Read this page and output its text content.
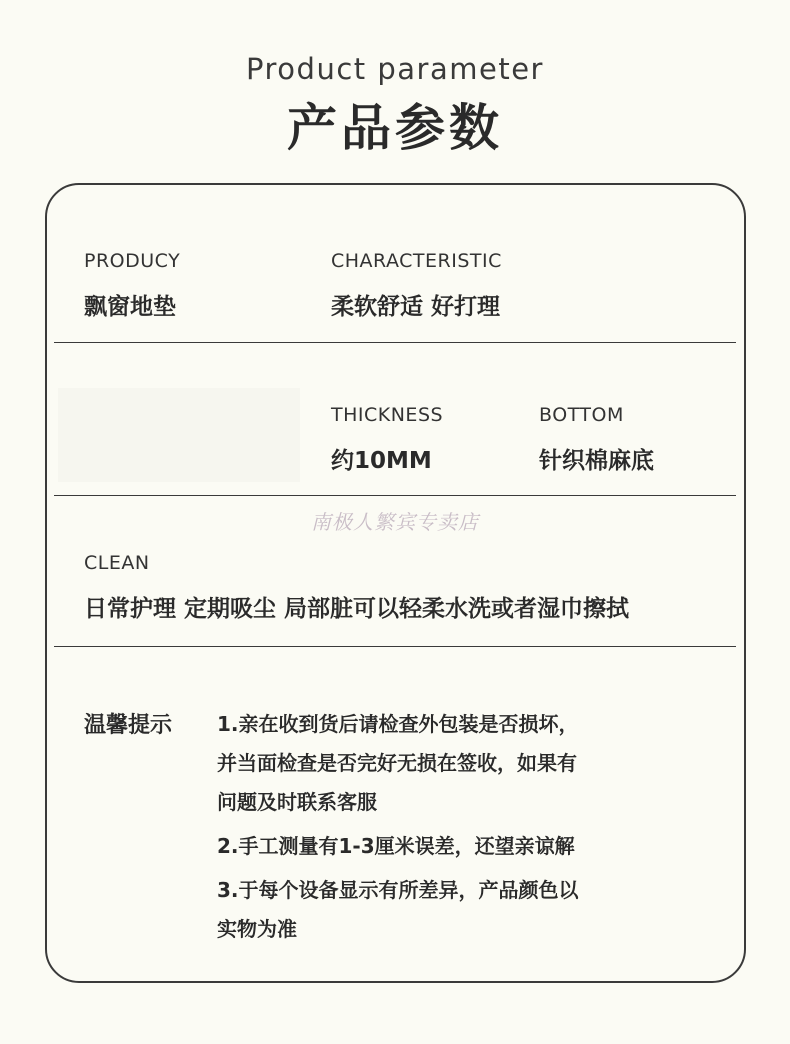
Product parameter
产品参数
PRODUCY
飘窗地垫
CHARACTERISTIC
柔软舒适 好打理
THICKNESS
约10MM
BOTTOM
针织棉麻底
南极人繁宾专卖店
CLEAN
日常护理 定期吸尘 局部脏可以轻柔水洗或者湿巾擦拭
温馨提示 1.亲在收到货后请检查外包装是否损坏，
并当面检查是否完好无损在签收，如果有
问题及时联系客服
2.手工测量有1-3厘米误差，还望亲谅解
3.于每个设备显示有所差异，产品颜色以
实物为准
